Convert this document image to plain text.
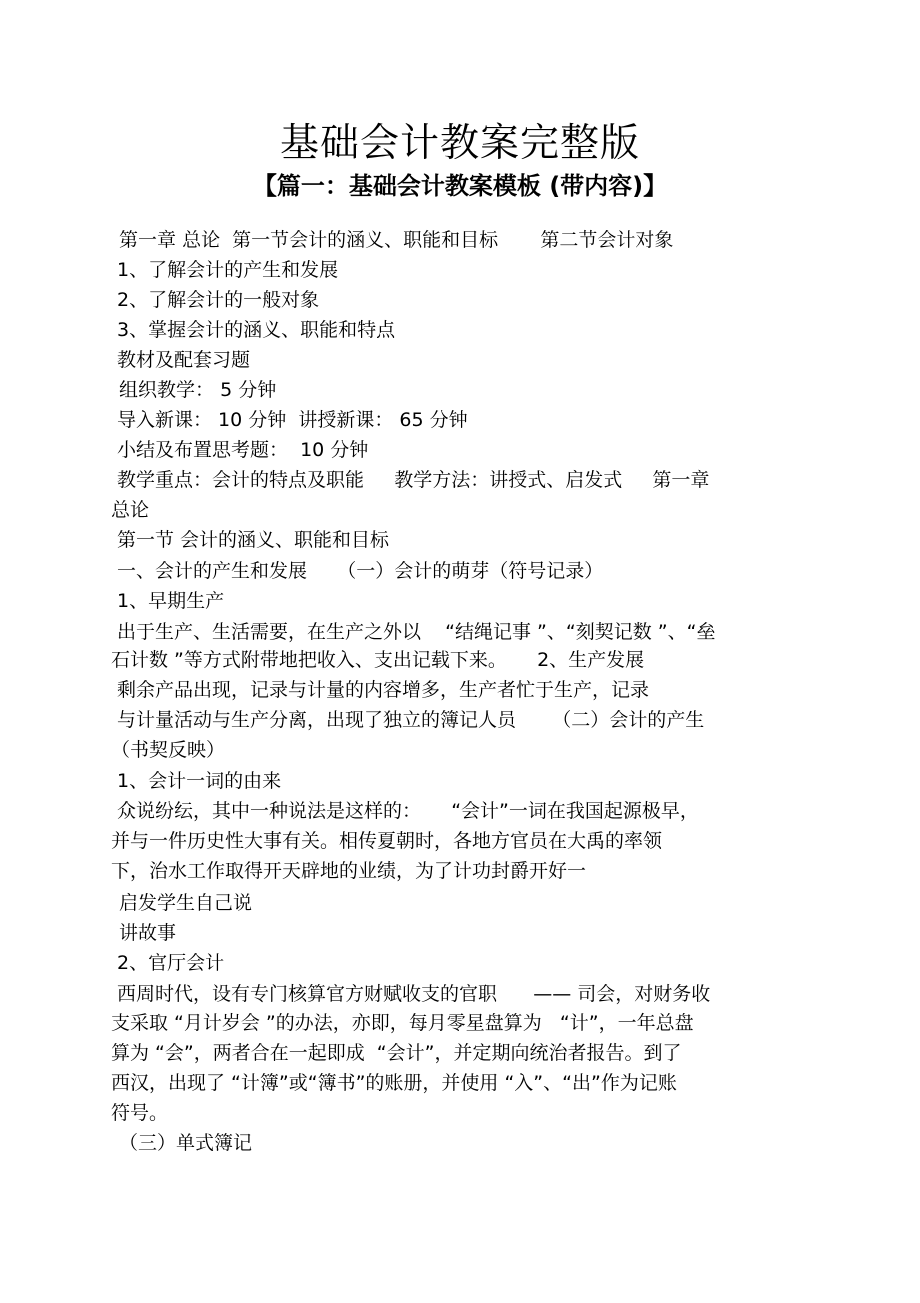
基础会计教案完整版
【篇一：基础会计教案模板 (带内容)】
第一章 总论  第一节会计的涵义、职能和目标       第二节会计对象
1、了解会计的产生和发展
2、了解会计的一般对象
3、掌握会计的涵义、职能和特点
教材及配套习题
组织教学： 5 分钟
导入新课： 10 分钟  讲授新课： 65 分钟
小结及布置思考题：  10 分钟
教学重点：会计的特点及职能     教学方法：讲授式、启发式     第一章
总论
第一节 会计的涵义、职能和目标
一、会计的产生和发展     （一）会计的萌芽（符号记录）
1、早期生产
出于生产、生活需要，在生产之外以    “结绳记事 ”、“刻契记数 ”、“垒
石计数 ”等方式附带地把收入、支出记载下来。     2、生产发展
剩余产品出现，记录与计量的内容增多，生产者忙于生产，记录
与计量活动与生产分离，出现了独立的簿记人员      （二）会计的产生
（书契反映）
1、会计一词的由来
众说纷纭，其中一种说法是这样的：     “会计”一词在我国起源极早，
并与一件历史性大事有关。相传夏朝时，各地方官员在大禹的率领
下，治水工作取得开天辟地的业绩，为了计功封爵开好一
启发学生自己说
讲故事
2、官厅会计
西周时代，设有专门核算官方财赋收支的官职      —— 司会，对财务收
支采取 “月计岁会 ”的办法，亦即，每月零星盘算为   “计”，一年总盘
算为 “会”，两者合在一起即成  “会计”，并定期向统治者报告。到了
西汉，出现了 “计簿”或“簿书”的账册，并使用 “入”、“出”作为记账
符号。
（三）单式簿记
